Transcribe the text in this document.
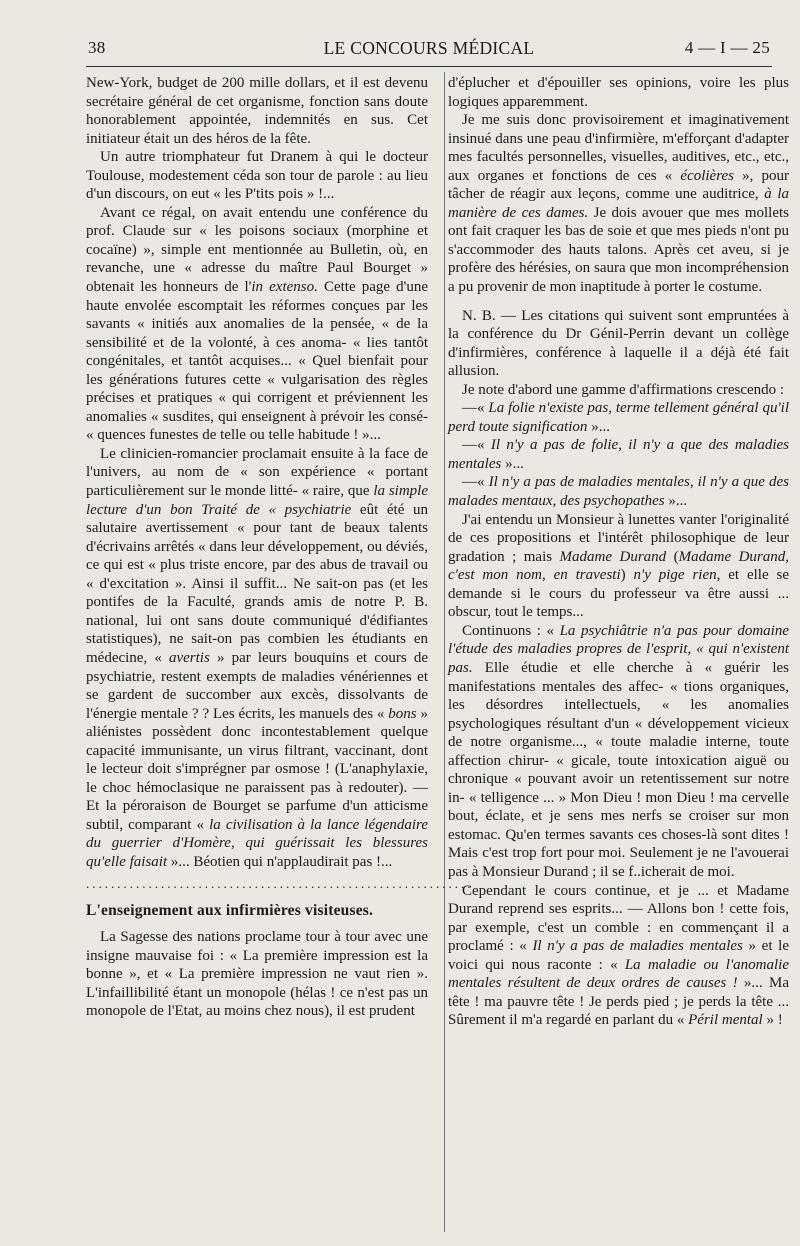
38	LE CONCOURS MÉDICAL	4 — I — 25

New-York, budget de 200 mille dollars, et il est devenu secrétaire général de cet organisme, fonction sans doute honorablement appointée, indemnités en sus. Cet initiateur était un des héros de la fête.

Un autre triomphateur fut Dranem à qui le docteur Toulouse, modestement céda son tour de parole : au lieu d'un discours, on eut « les P'tits pois » !...

Avant ce régal, on avait entendu une conférence du prof. Claude sur « les poisons sociaux (morphine et cocaïne) », simple ent mentionnée au Bulletin, où, en revanche, une « adresse du maître Paul Bourget » obtenait les honneurs de l'in extenso. Cette page d'une haute envolée escomptait les réformes conçues par les savants « initiés aux anomalies de la pensée, « de la sensibilité et de la volonté, à ces anoma- « lies tantôt congénitales, et tantôt acquises... « Quel bienfait pour les générations futures cette « vulgarisation des règles précises et pratiques « qui corrigent et préviennent les anomalies « susdites, qui enseignent à prévoir les consé- « quences funestes de telle ou telle habitude ! »...

Le clinicien-romancier proclamait ensuite à la face de l'univers, au nom de « son expérience « portant particulièrement sur le monde litté- « raire, que la simple lecture d'un bon Traité de « psychiatrie eût été un salutaire avertissement « pour tant de beaux talents d'écrivains arrêtés « dans leur développement, ou déviés, ce qui est « plus triste encore, par des abus de travail ou « d'excitation ». Ainsi il suffit... Ne sait-on pas (et les pontifes de la Faculté, grands amis de notre P. B. national, lui ont sans doute communiqué d'édifiantes statistiques), ne sait-on pas combien les étudiants en médecine, « avertis » par leurs bouquins et cours de psychiatrie, restent exempts de maladies vénériennes et se gardent de succomber aux excès, dissolvants de l'énergie mentale ? ? Les écrits, les manuels des « bons » aliénistes possèdent donc incontestablement quelque capacité immunisante, un virus filtrant, vaccinant, dont le lecteur doit s'imprégner par osmose ! (L'anaphylaxie, le choc hémoclasique ne paraissent pas à redouter). — Et la péroraison de Bourget se parfume d'un atticisme subtil, comparant « la civilisation à la lance légendaire du guerrier d'Homère, qui guérissait les blessures qu'elle faisait »... Béotien qui n'applaudirait pas !...

..............................................................
L'enseignement aux infirmières visiteuses.

La Sagesse des nations proclame tour à tour avec une insigne mauvaise foi : « La première impression est la bonne », et « La première impression ne vaut rien ». L'infaillibilité étant un monopole (hélas ! ce n'est pas un monopole de l'Etat, au moins chez nous), il est prudent

d'éplucher et d'épouiller ses opinions, voire les plus logiques apparemment.

Je me suis donc provisoirement et imaginativement insinué dans une peau d'infirmière, m'efforçant d'adapter mes facultés personnelles, visuelles, auditives, etc., etc., aux organes et fonctions de ces « écolières », pour tâcher de réagir aux leçons, comme une auditrice, à la manière de ces dames. Je dois avouer que mes mollets ont fait craquer les bas de soie et que mes pieds n'ont pu s'accommoder des hauts talons. Après cet aveu, si je profère des hérésies, on saura que mon incompréhension a pu provenir de mon inaptitude à porter le costume.

N. B. — Les citations qui suivent sont empruntées à la conférence du Dr Génil-Perrin devant un collège d'infirmières, conférence à laquelle il a déjà été fait allusion.

Je note d'abord une gamme d'affirmations crescendo :

—« La folie n'existe pas, terme tellement général qu'il perd toute signification »...

—« Il n'y a pas de folie, il n'y a que des maladies mentales »...

—« Il n'y a pas de maladies mentales, il n'y a que des malades mentaux, des psychopathes »...

J'ai entendu un Monsieur à lunettes vanter l'originalité de ces propositions et l'intérêt philosophique de leur gradation ; mais Madame Durand (Madame Durand, c'est mon nom, en travesti) n'y pige rien, et elle se demande si le cours du professeur va être aussi ... obscur, tout le temps...

Continuons : « La psychiâtrie n'a pas pour domaine l'étude des maladies propres de l'esprit, « qui n'existent pas. Elle étudie et elle cherche à « guérir les manifestations mentales des affec- « tions organiques, les désordres intellectuels, « les anomalies psychologiques résultant d'un « développement vicieux de notre organisme..., « toute maladie interne, toute affection chirur- « gicale, toute intoxication aiguë ou chronique « pouvant avoir un retentissement sur notre in- « telligence ... » Mon Dieu ! mon Dieu ! ma cervelle bout, éclate, et je sens mes nerfs se croiser sur mon estomac. Qu'en termes savants ces choses-là sont dites ! Mais c'est trop fort pour moi. Seulement je ne l'avouerai pas à Monsieur Durand ; il se f..icherait de moi.

Cependant le cours continue, et je ... et Madame Durand reprend ses esprits... — Allons bon ! cette fois, par exemple, c'est un comble : en commençant il a proclamé : « Il n'y a pas de maladies mentales » et le voici qui nous raconte : « La maladie ou l'anomalie mentales résultent de deux ordres de causes ! »... Ma tête ! ma pauvre tête ! Je perds pied ; je perds la tête ... Sûrement il m'a regardé en parlant du « Péril mental » !
